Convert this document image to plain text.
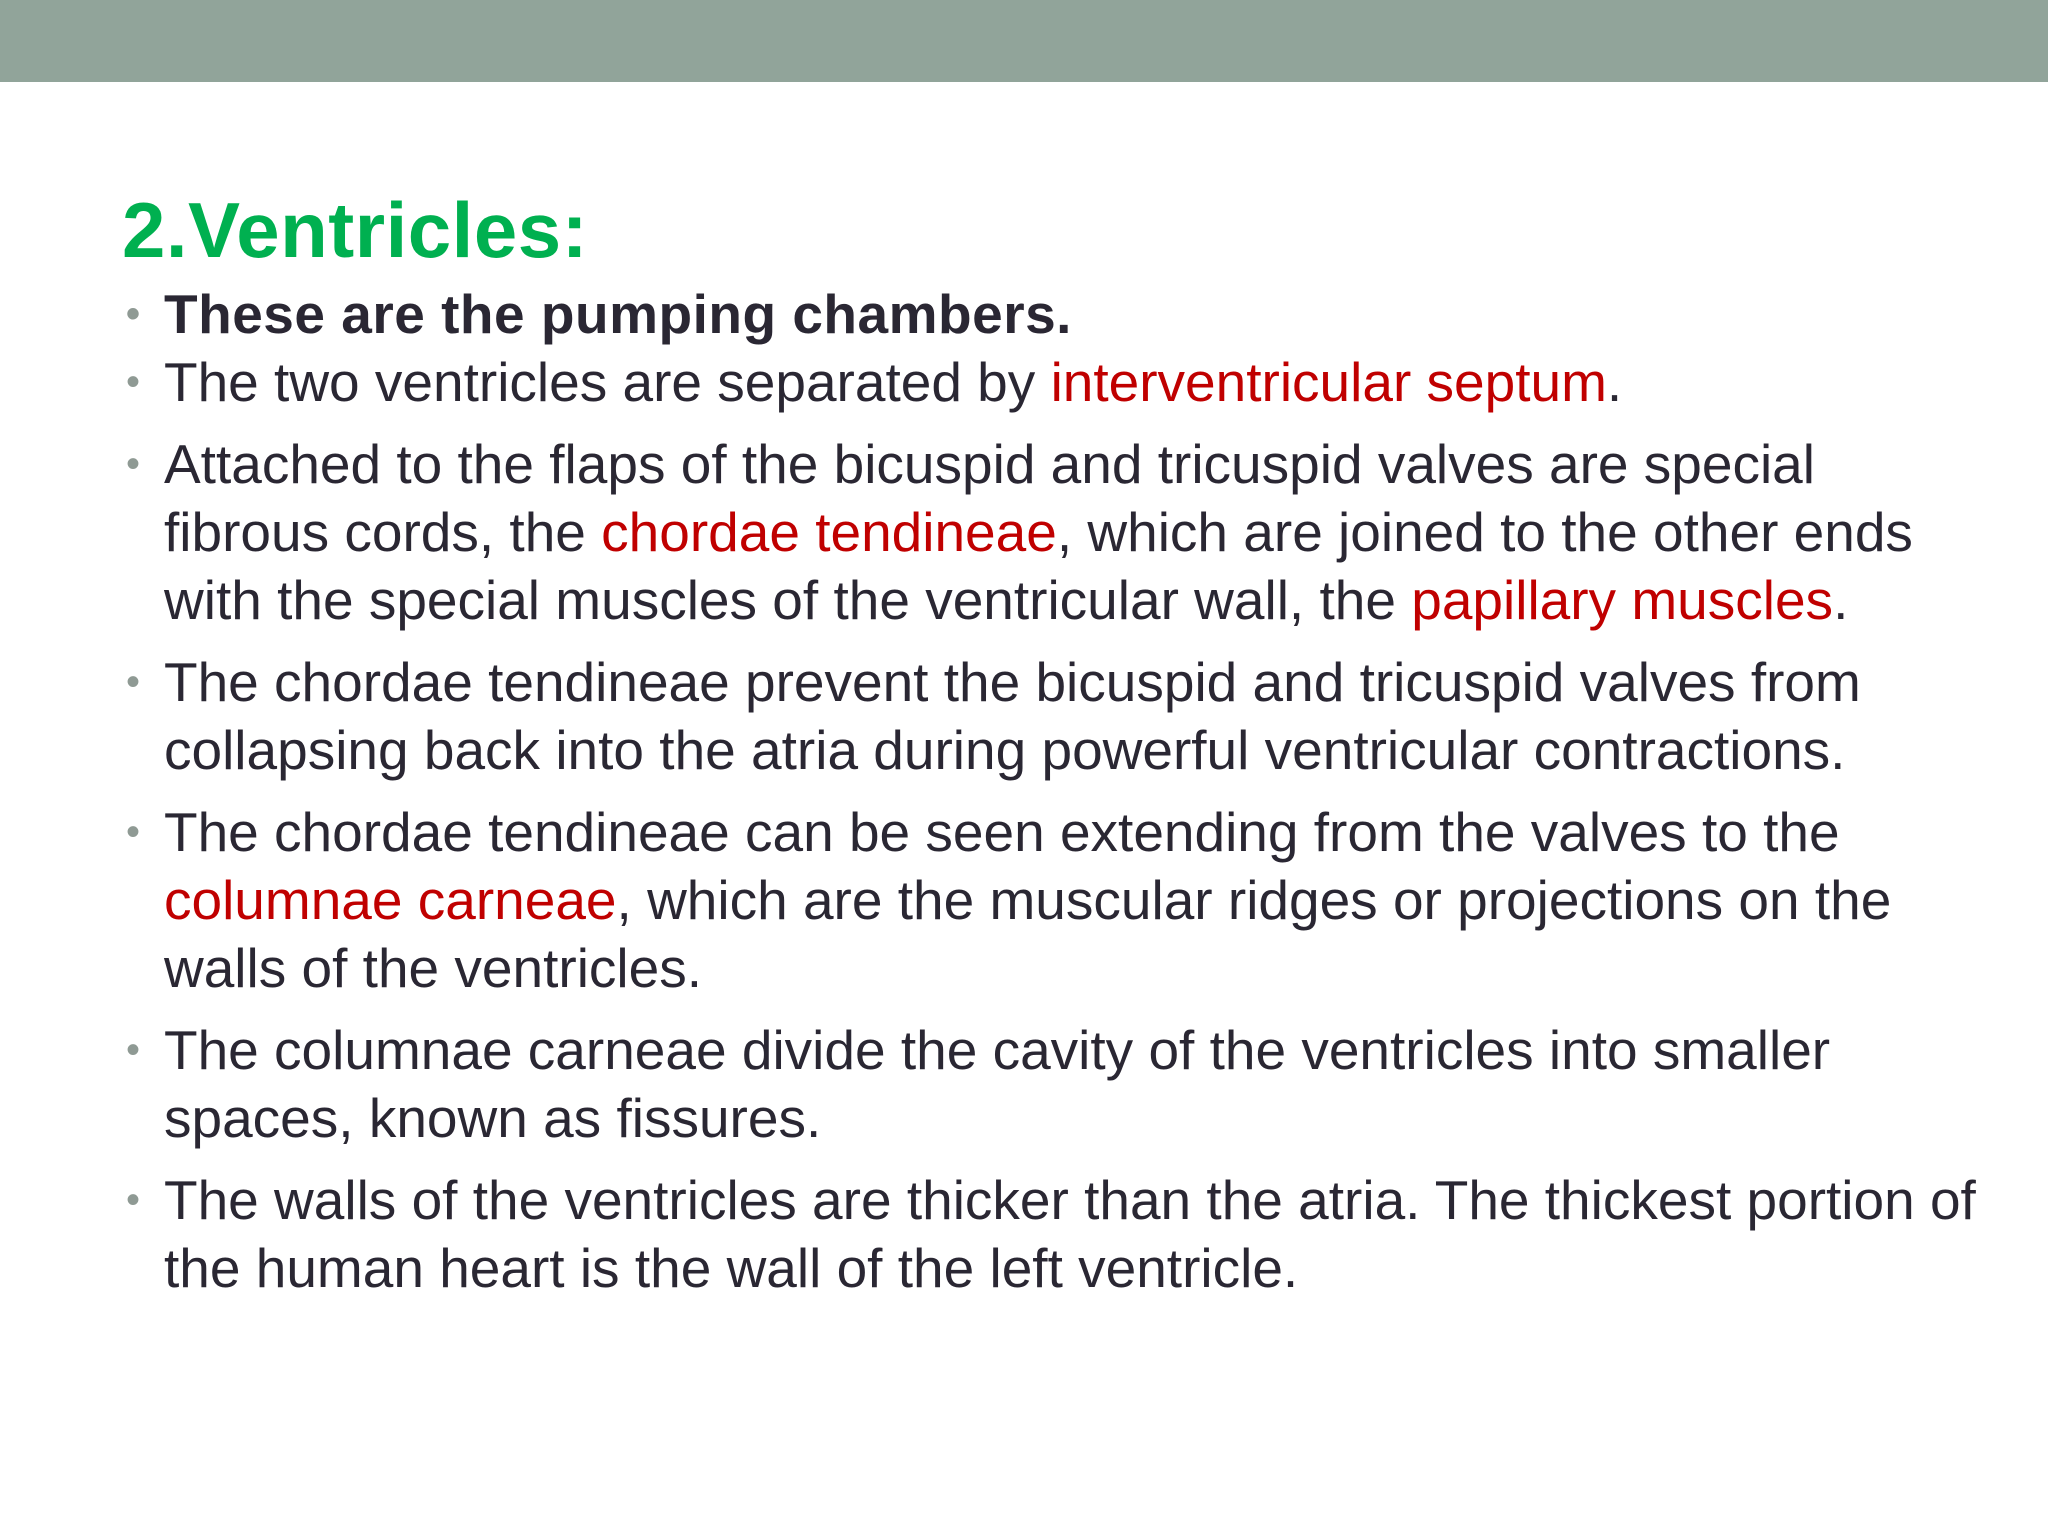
2.Ventricles:
• These are the pumping chambers.
• The two ventricles are separated by interventricular septum.
• Attached to the flaps of the bicuspid and tricuspid valves are special fibrous cords, the chordae tendineae, which are joined to the other ends with the special muscles of the ventricular wall, the papillary muscles.
• The chordae tendineae prevent the bicuspid and tricuspid valves from collapsing back into the atria during powerful ventricular contractions.
• The chordae tendineae can be seen extending from the valves to the columnae carneae, which are the muscular ridges or projections on the walls of the ventricles.
• The columnae carneae divide the cavity of the ventricles into smaller spaces, known as fissures.
• The walls of the ventricles are thicker than the atria. The thickest portion of the human heart is the wall of the left ventricle.
